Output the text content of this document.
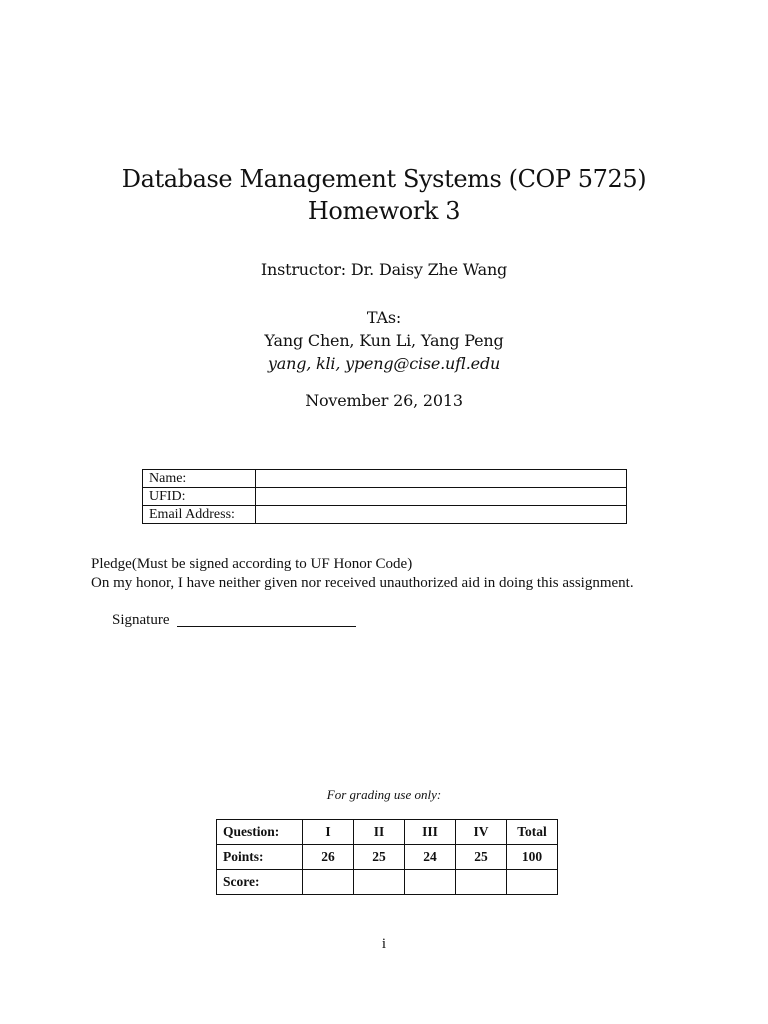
Database Management Systems (COP 5725)
Homework 3
Instructor: Dr. Daisy Zhe Wang
TAs:
Yang Chen, Kun Li, Yang Peng
yang, kli, ypeng@cise.ufl.edu
November 26, 2013
Name:	
UFID:	
Email Address:	
Pledge(Must be signed according to UF Honor Code)
On my honor, I have neither given nor received unauthorized aid in doing this assignment.
Signature
For grading use only:
Question:	I	II	III	IV	Total
Points:	26	25	24	25	100
Score:					
i
